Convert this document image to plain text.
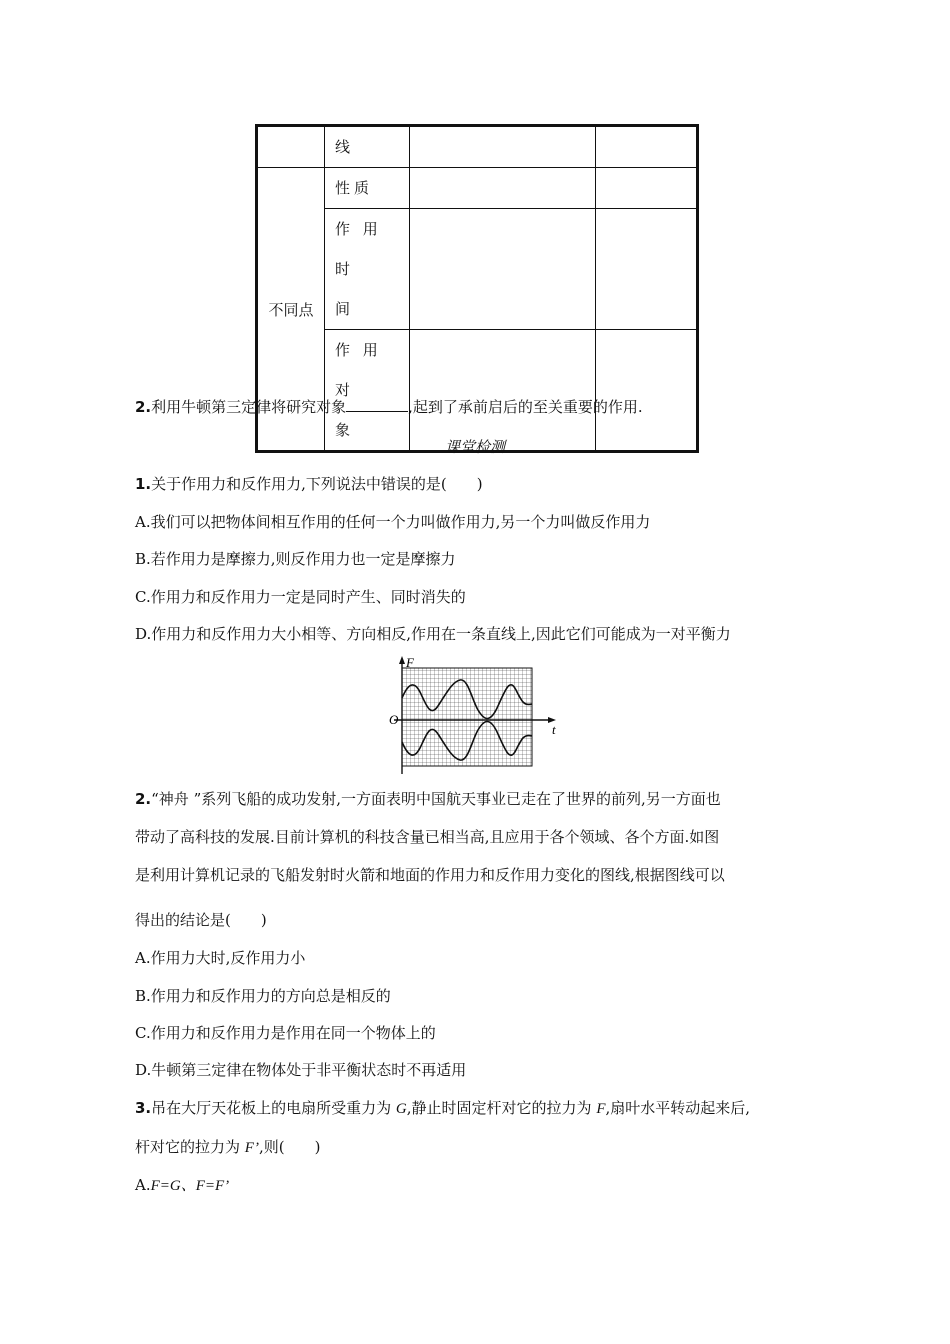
	线		
不同点	性质		

	作 用 时
间		

	作 用 对
象		

2.利用牛顿第三定律将研究对象	,起到了承前启后的至关重要的作用.
课堂检测
1.关于作用力和反作用力,下列说法中错误的是(　　)
A.我们可以把物体间相互作用的任何一个力叫做作用力,另一个力叫做反作用力
B.若作用力是摩擦力,则反作用力也一定是摩擦力
C.作用力和反作用力一定是同时产生、同时消失的
D.作用力和反作用力大小相等、方向相反,作用在一条直线上,因此它们可能成为一对平衡力
F
t
O
2.“神舟 ”系列飞船的成功发射,一方面表明中国航天事业已走在了世界的前列,另一方面也
带动了高科技的发展.目前计算机的科技含量已相当高,且应用于各个领域、各个方面.如图
是利用计算机记录的飞船发射时火箭和地面的作用力和反作用力变化的图线,根据图线可以
得出的结论是(　　)
A.作用力大时,反作用力小
B.作用力和反作用力的方向总是相反的
C.作用力和反作用力是作用在同一个物体上的
D.牛顿第三定律在物体处于非平衡状态时不再适用
3.吊在大厅天花板上的电扇所受重力为 G,静止时固定杆对它的拉力为 F,扇叶水平转动起来后,
杆对它的拉力为 F’,则(　　)
A.F=G、F=F’
